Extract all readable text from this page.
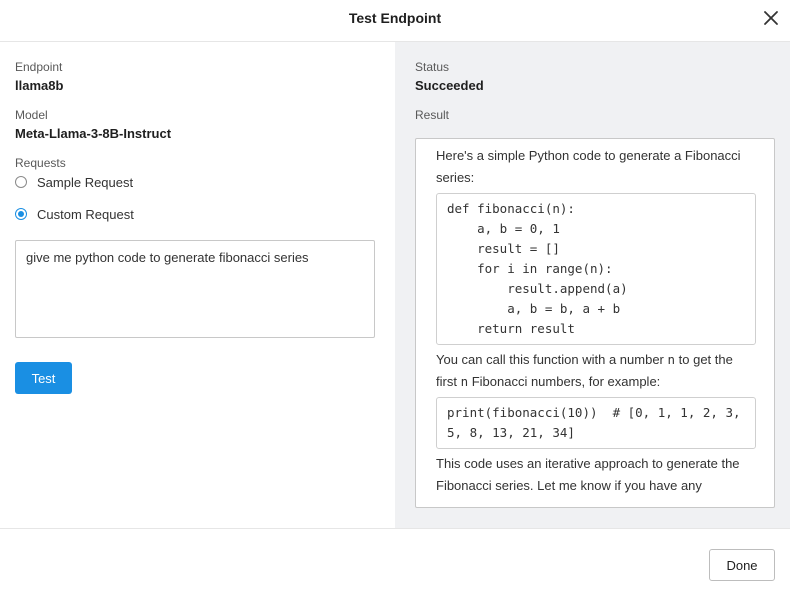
Test Endpoint
Endpoint
llama8b
Model
Meta-Llama-3-8B-Instruct
Requests
Sample Request
Custom Request
give me python code to generate fibonacci series
Test
Status
Succeeded
Result
Here's a simple Python code to generate a Fibonacci series:
def fibonacci(n):
a, b = 0, 1
result = []
for i in range(n):
result.append(a)
a, b = b, a + b
return result
You can call this function with a number n to get the first n Fibonacci numbers, for example:
print(fibonacci(10))  # [0, 1, 1, 2, 3, 5, 8, 13, 21, 34]
This code uses an iterative approach to generate the Fibonacci series. Let me know if you have any
Done
